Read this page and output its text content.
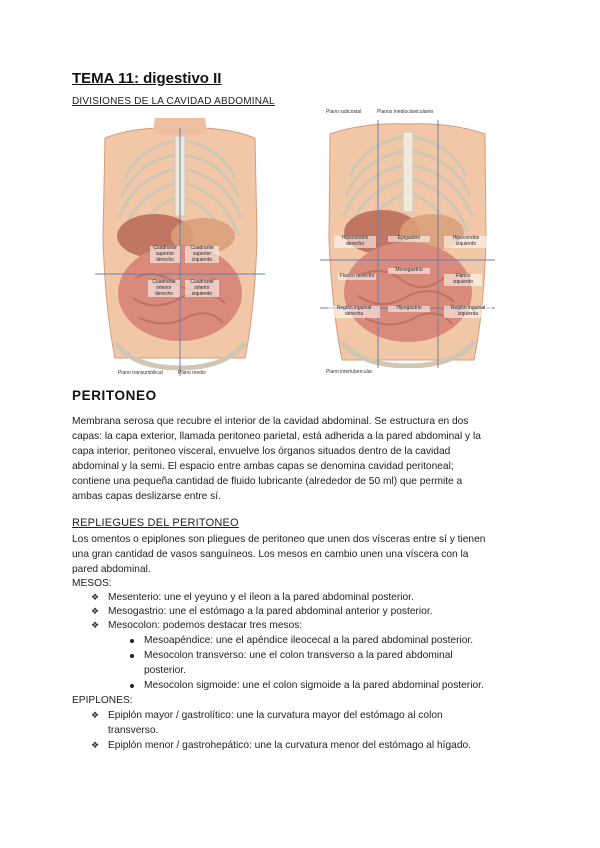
TEMA 11: digestivo II
DIVISIONES DE LA CAVIDAD ABDOMINAL
Cuadrante superior derecho
Cuadrante superior izquierdo
Cuadrante inferior derecho
Cuadrante inferior izquierdo
Plano transumbilical	Plano medio
Plano subcostal	Planos medioclaviculares
Hipocondrio derecho
Epigastrio	Hipocondrio izquierdo
Flanco derecho
Mesogastrio
Flanco izquierdo
Región inguinal derecha
Hipogastrio	Región inguinal izquierda
Plano intertubercular
PERITONEO
Membrana serosa que recubre el interior de la cavidad abdominal. Se estructura en dos
capas: la capa exterior, llamada peritoneo parietal, está adherida a la pared abdominal y la
capa interior, peritoneo visceral, envuelve los órganos situados dentro de la cavidad
abdominal y la semi. El espacio entre ambas capas se denomina cavidad peritoneal;
contiene una pequeña cantidad de fluido lubricante (alrededor de 50 ml) que permite a
ambas capas deslizarse entre sí.
REPLIEGUES DEL PERITONEO
Los omentos o epiplones son pliegues de peritoneo que unen dos vísceras entre sí y tienen
una gran cantidad de vasos sanguíneos. Los mesos en cambio unen una víscera con la
pared abdominal.
MESOS:
❖ Mesenterio: une el yeyuno y el íleon a la pared abdominal posterior.
❖ Mesogastrio: une el estómago a la pared abdominal anterior y posterior.
❖ Mesocolon: podemos destacar tres mesos:
Mesoapéndice: une el apéndice ileocecal a la pared abdominal posterior.
Mesocolon transverso: une el colon transverso a la pared abdominal
posterior.
Mesocolon sigmoide: une el colon sigmoide a la pared abdominal posterior.
EPIPLONES:
❖ Epiplón mayor / gastrolítico: une la curvatura mayor del estómago al colon
transverso.
❖ Epiplón menor / gastrohepático: une la curvatura menor del estómago al hígado.
